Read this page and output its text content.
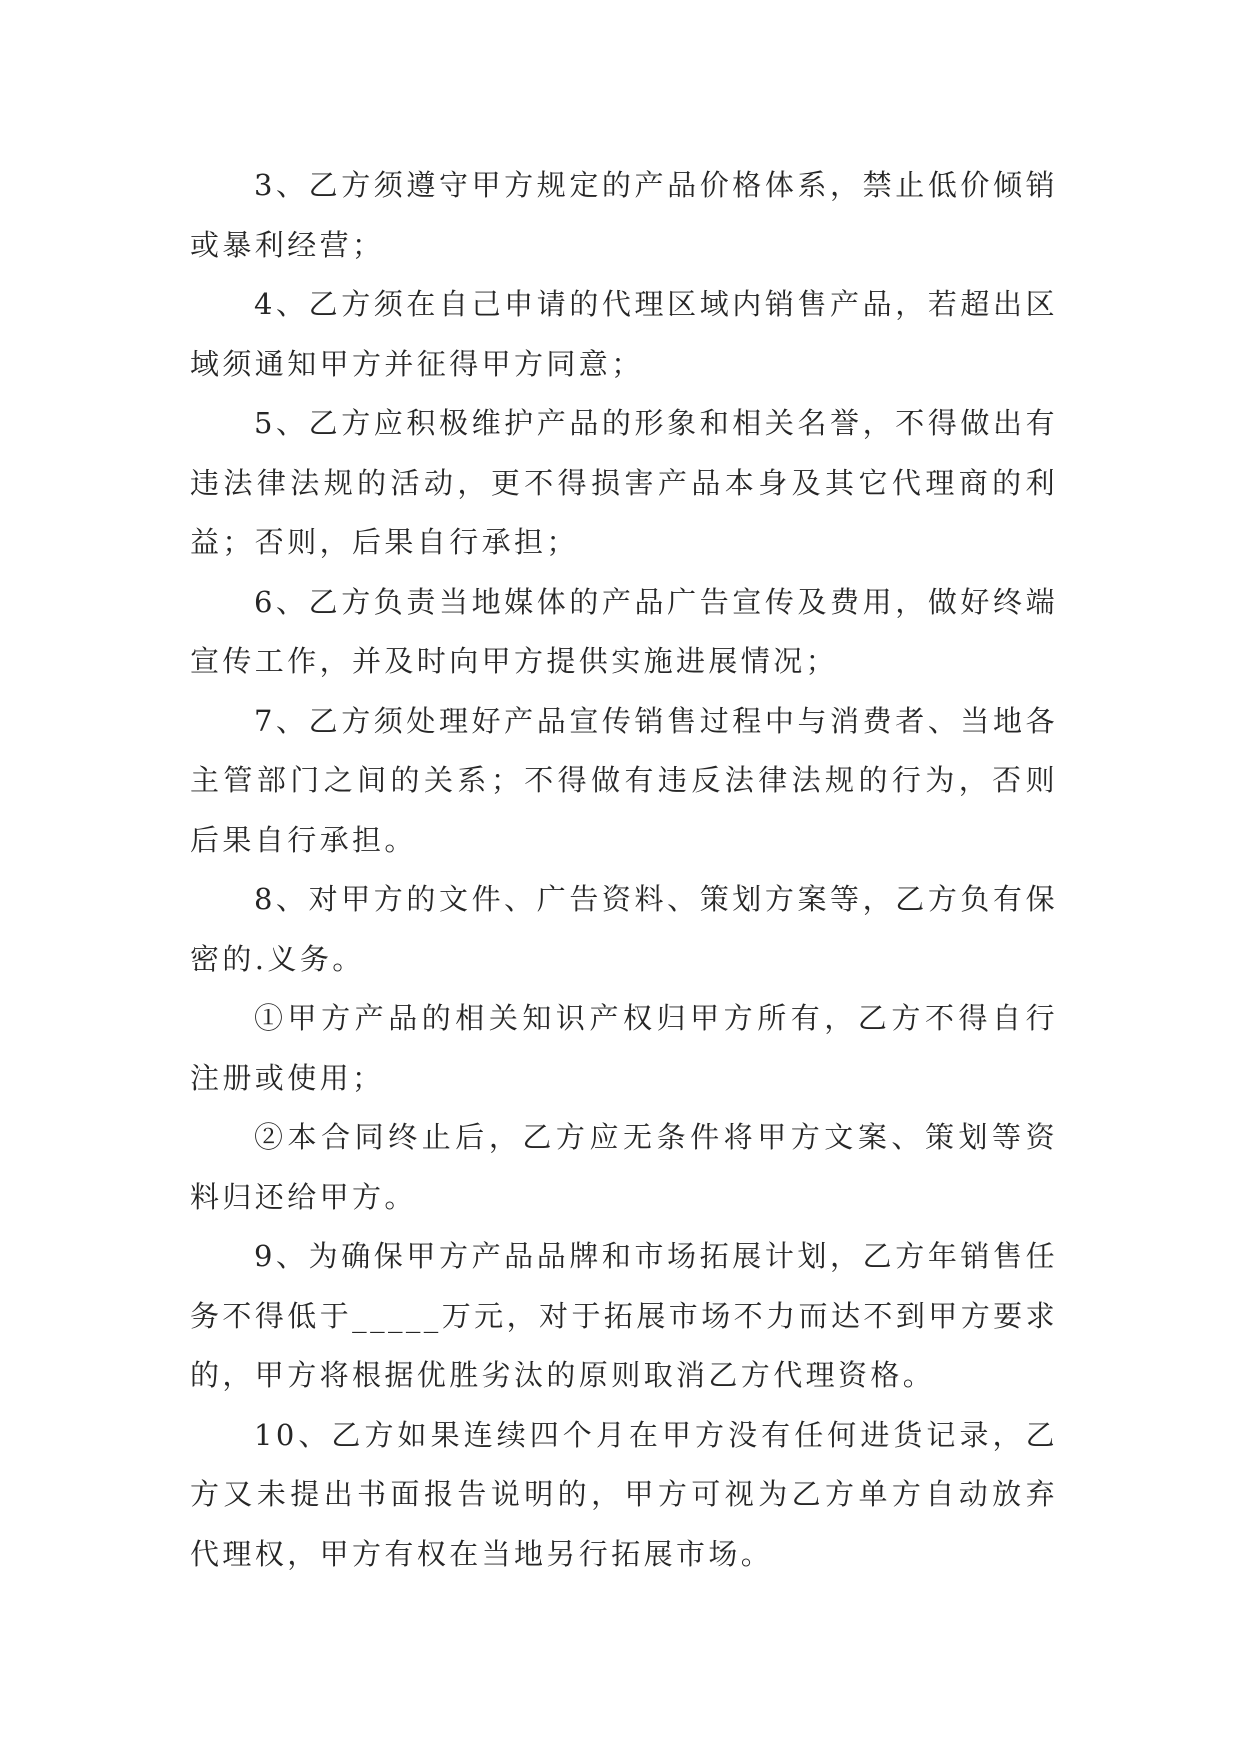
3、乙方须遵守甲方规定的产品价格体系，禁止低价倾销或暴利经营；

4、乙方须在自己申请的代理区域内销售产品，若超出区域须通知甲方并征得甲方同意；

5、乙方应积极维护产品的形象和相关名誉，不得做出有违法律法规的活动，更不得损害产品本身及其它代理商的利益；否则，后果自行承担；

6、乙方负责当地媒体的产品广告宣传及费用，做好终端宣传工作，并及时向甲方提供实施进展情况；

7、乙方须处理好产品宣传销售过程中与消费者、当地各主管部门之间的关系；不得做有违反法律法规的行为，否则后果自行承担。

8、对甲方的文件、广告资料、策划方案等，乙方负有保密的.义务。

①甲方产品的相关知识产权归甲方所有，乙方不得自行注册或使用；

②本合同终止后，乙方应无条件将甲方文案、策划等资料归还给甲方。

9、为确保甲方产品品牌和市场拓展计划，乙方年销售任务不得低于_____万元，对于拓展市场不力而达不到甲方要求的，甲方将根据优胜劣汰的原则取消乙方代理资格。

10、乙方如果连续四个月在甲方没有任何进货记录，乙方又未提出书面报告说明的，甲方可视为乙方单方自动放弃代理权，甲方有权在当地另行拓展市场。
